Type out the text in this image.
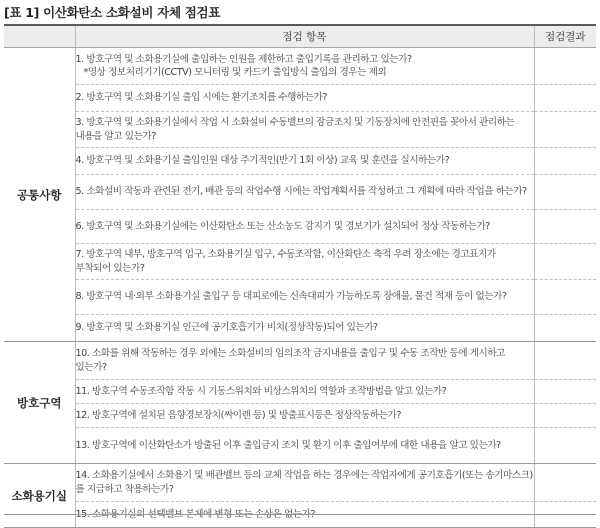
[표 1] 이산화탄소 소화설비 자체 점검표
	점검 항목	점검결과
공통사항	1. 방호구역 및 소화용기실에 출입하는 인원을 제한하고 출입기록을 관리하고 있는가?
*영상 정보처리기기(CCTV) 모니터링 및 카드키 출입방식 출입의 경우는 제외	

	2. 방호구역 및 소화용기실 출입 시에는 환기조치를 수행하는가?	
	3. 방호구역 및 소화용기실에서 작업 시 소화설비 수동밸브의 잠금조치 및 기동장치에 안전핀을 꽂아서 관리하는 내용을 알고 있는가?	
	4. 방호구역 및 소화용기실 출입인원 대상 주기적인(반기 1회 이상) 교육 및 훈련을 실시하는가?	
	5. 소화설비 작동과 관련된 전기, 배관 등의 작업수행 시에는 작업계획서를 작성하고 그 계획에 따라 작업을 하는가?	
	6. 방호구역 및 소화용기실에는 이산화탄소 또는 산소농도 감지기 및 경보기가 설치되어 정상 작동하는가?	
	7. 방호구역 내부, 방호구역 입구, 소화용기실 입구, 수동조작함, 이산화탄소 축적 우려 장소에는 경고표지가 부착되어 있는가?	
	8. 방호구역 내·외부 소화용기실 출입구 등 대피로에는 신속대피가 가능하도록 장애물, 물건 적재 등이 없는가?	
	9. 방호구역 및 소화용기실 인근에 공기호흡기가 비치(정상작동)되어 있는가?	
방호구역	10. 소화를 위해 작동하는 경우 외에는 소화설비의 임의조작 금지내용을 출입구 및 수동 조작반 등에 게시하고 있는가?	
	11. 방호구역 수동조작함 작동 시 기동스위치와 비상스위치의 역할과 조작방법을 알고 있는가?	
	12. 방호구역에 설치된 음향경보장치(싸이렌 등) 및 방출표시등은 정상작동하는가?	
	13. 방호구역에 이산화탄소가 방출된 이후 출입금지 조치 및 환기 이후 출입여부에 대한 내용을 알고 있는가?	
소화용기실	14. 소화용기실에서 소화용기 및 배관밸브 등의 교체 작업을 하는 경우에는 작업자에게 공기호흡기(또는 송기마스크)를 지급하고 착용하는가?	
	15. 소화용기실의 선택밸브 본체에 변형 또는 손상은 없는가?	
